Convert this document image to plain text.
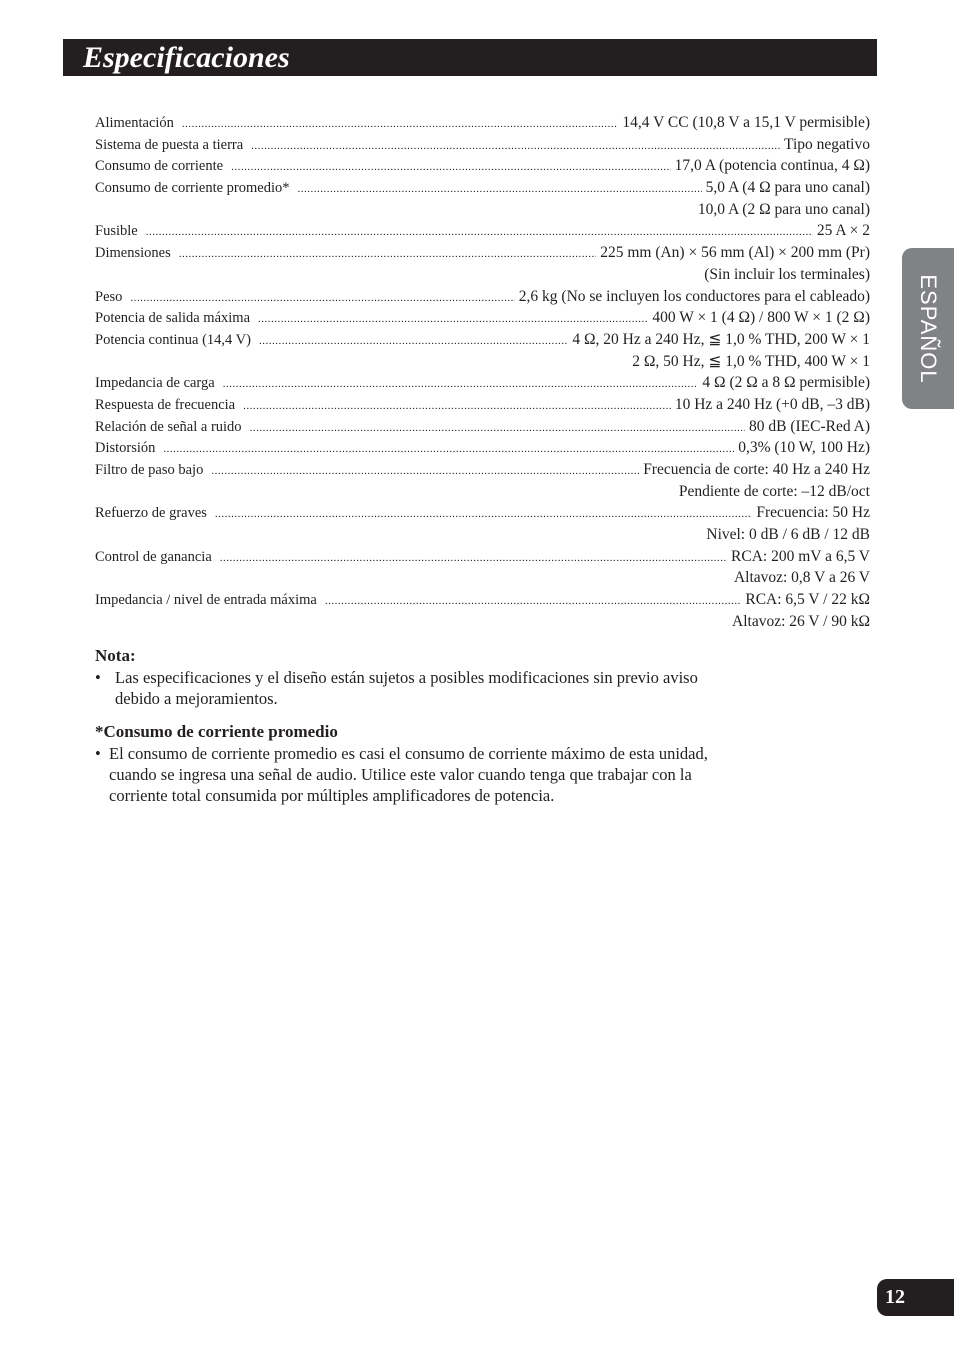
Especificaciones
ESPAÑOL
Alimentación .....	14,4 V CC (10,8 V a 15,1 V permisible)
Sistema de puesta a tierra .....	Tipo negativo
Consumo de corriente .....	17,0 A (potencia continua, 4 Ω)
Consumo de corriente promedio* .....	5,0 A (4 Ω para uno canal)
10,0 A (2 Ω para uno canal)
Fusible .....	25 A × 2
Dimensiones .....	225 mm (An) × 56 mm (Al) × 200 mm (Pr)
(Sin incluir los terminales)
Peso .....	2,6 kg (No se incluyen los conductores para el cableado)
Potencia de salida máxima .....	400 W × 1 (4 Ω) / 800 W × 1 (2 Ω)
Potencia continua (14,4 V) .....	4 Ω, 20 Hz a 240 Hz, ≦ 1,0 % THD, 200 W × 1
2 Ω, 50 Hz, ≦ 1,0 % THD, 400 W × 1
Impedancia de carga .....	4 Ω (2 Ω a 8 Ω permisible)
Respuesta de frecuencia .....	10 Hz a 240 Hz (+0 dB, –3 dB)
Relación de señal a ruido .....	80 dB (IEC-Red A)
Distorsión .....	0,3% (10 W, 100 Hz)
Filtro de paso bajo .....	Frecuencia de corte: 40 Hz a 240 Hz
Pendiente de corte: –12 dB/oct
Refuerzo de graves .....	Frecuencia: 50 Hz
Nivel: 0 dB / 6 dB / 12 dB
Control de ganancia .....	RCA: 200 mV a 6,5 V
Altavoz: 0,8 V a 26 V
Impedancia / nivel de entrada máxima .....	RCA: 6,5 V / 22 kΩ
Altavoz: 26 V / 90 kΩ
Nota:
• Las especificaciones y el diseño están sujetos a posibles modificaciones sin previo aviso debido a mejoramientos.
*Consumo de corriente promedio
• El consumo de corriente promedio es casi el consumo de corriente máximo de esta unidad, cuando se ingresa una señal de audio. Utilice este valor cuando tenga que trabajar con la corriente total consumida por múltiples amplificadores de potencia.
12
